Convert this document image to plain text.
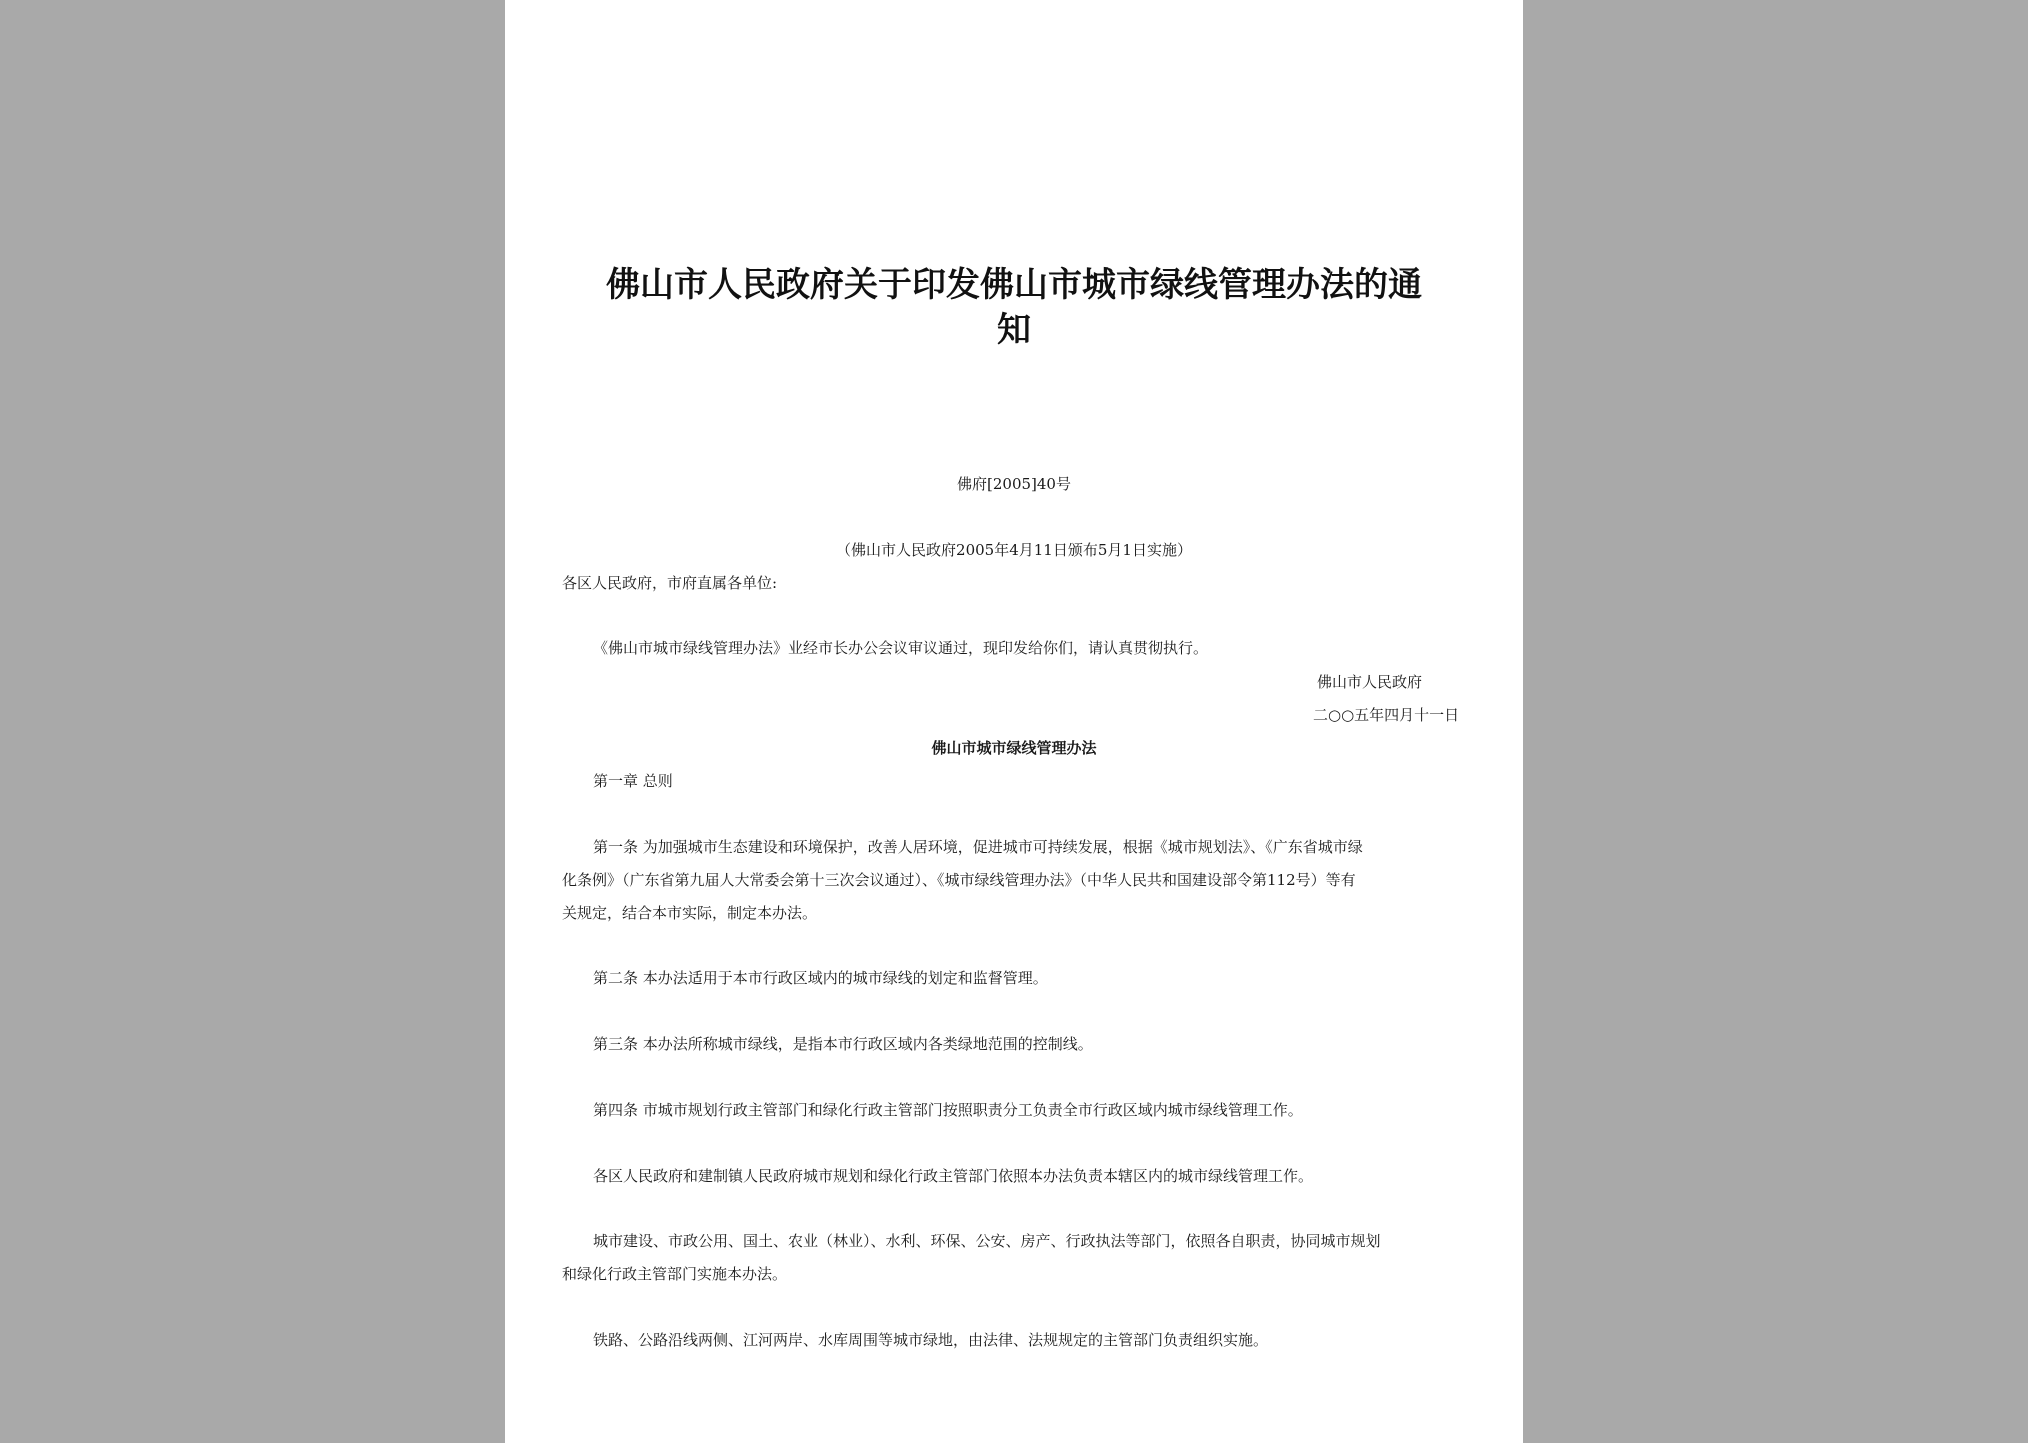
佛山市人民政府关于印发佛山市城市绿线管理办法的通
知
佛府[2005]40号
（佛山市人民政府2005年4月11日颁布5月1日实施）
各区人民政府，市府直属各单位:
《佛山市城市绿线管理办法》业经市长办公会议审议通过，现印发给你们，请认真贯彻执行。
佛山市人民政府
二○○五年四月十一日
佛山市城市绿线管理办法
第一章 总则
第一条 为加强城市生态建设和环境保护，改善人居环境，促进城市可持续发展，根据《城市规划法》、《广东省城市绿
化条例》（广东省第九届人大常委会第十三次会议通过）、《城市绿线管理办法》（中华人民共和国建设部令第112号）等有
关规定，结合本市实际，制定本办法。
第二条 本办法适用于本市行政区域内的城市绿线的划定和监督管理。
第三条 本办法所称城市绿线，是指本市行政区域内各类绿地范围的控制线。
第四条 市城市规划行政主管部门和绿化行政主管部门按照职责分工负责全市行政区域内城市绿线管理工作。
各区人民政府和建制镇人民政府城市规划和绿化行政主管部门依照本办法负责本辖区内的城市绿线管理工作。
城市建设、市政公用、国土、农业（林业）、水利、环保、公安、房产、行政执法等部门，依照各自职责，协同城市规划
和绿化行政主管部门实施本办法。
铁路、公路沿线两侧、江河两岸、水库周围等城市绿地，由法律、法规规定的主管部门负责组织实施。
